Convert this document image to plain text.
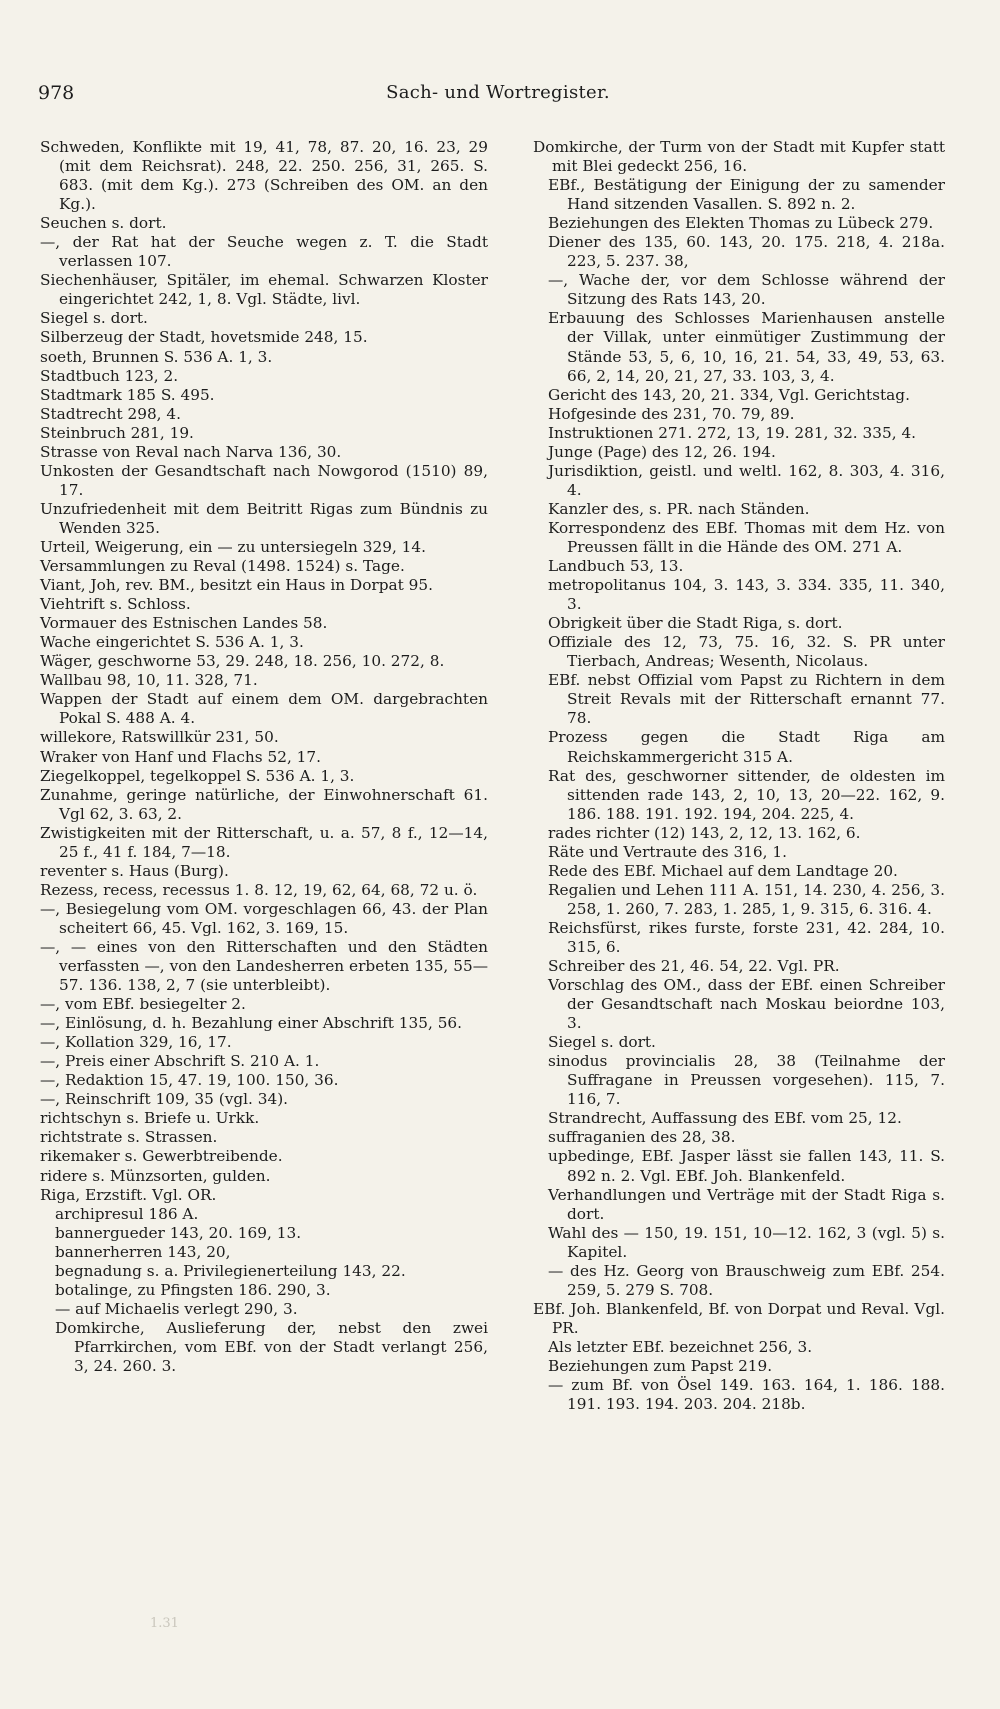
978	Sach- und Wortregister.

Schweden, Konflikte mit 19, 41, 78, 87. 20, 16. 23, 29 (mit dem Reichsrat). 248, 22. 250. 256, 31, 265. S. 683. (mit dem Kg.). 273 (Schreiben des OM. an den Kg.).

Seuchen s. dort.

—, der Rat hat der Seuche wegen z. T. die Stadt verlassen 107.

Siechenhäuser, Spitäler, im ehemal. Schwarzen Kloster eingerichtet 242, 1, 8. Vgl. Städte, livl.

Siegel s. dort.

Silberzeug der Stadt, hovetsmide 248, 15.

soeth, Brunnen S. 536 A. 1, 3.

Stadtbuch 123, 2.

Stadtmark 185 S. 495.

Stadtrecht 298, 4.

Steinbruch 281, 19.

Strasse von Reval nach Narva 136, 30.

Unkosten der Gesandtschaft nach Nowgorod (1510) 89, 17.

Unzufriedenheit mit dem Beitritt Rigas zum Bündnis zu Wenden 325.

Urteil, Weigerung, ein — zu untersiegeln 329, 14.

Versammlungen zu Reval (1498. 1524) s. Tage.

Viant, Joh, rev. BM., besitzt ein Haus in Dorpat 95.

Viehtrift s. Schloss.

Vormauer des Estnischen Landes 58.

Wache eingerichtet S. 536 A. 1, 3.

Wäger, geschworne 53, 29. 248, 18. 256, 10. 272, 8.

Wallbau 98, 10, 11. 328, 71.

Wappen der Stadt auf einem dem OM. dargebrachten Pokal S. 488 A. 4.

willekore, Ratswillkür 231, 50.

Wraker von Hanf und Flachs 52, 17.

Ziegelkoppel, tegelkoppel S. 536 A. 1, 3.

Zunahme, geringe natürliche, der Einwohnerschaft 61. Vgl 62, 3. 63, 2.

Zwistigkeiten mit der Ritterschaft, u. a. 57, 8 f., 12—14, 25 f., 41 f. 184, 7—18.

reventer s. Haus (Burg).

Rezess, recess, recessus 1. 8. 12, 19, 62, 64, 68, 72 u. ö.

—, Besiegelung vom OM. vorgeschlagen 66, 43. der Plan scheitert 66, 45. Vgl. 162, 3. 169, 15.

—, — eines von den Ritterschaften und den Städten verfassten —, von den Landesherren erbeten 135, 55—57. 136. 138, 2, 7 (sie unterbleibt).

—, vom EBf. besiegelter 2.

—, Einlösung, d. h. Bezahlung einer Abschrift 135, 56.

—, Kollation 329, 16, 17.

—, Preis einer Abschrift S. 210 A. 1.

—, Redaktion 15, 47. 19, 100. 150, 36.

—, Reinschrift 109, 35 (vgl. 34).

richtschyn s. Briefe u. Urkk.

richtstrate s. Strassen.

rikemaker s. Gewerbtreibende.

ridere s. Münzsorten, gulden.

Riga, Erzstift. Vgl. OR.

archipresul 186 A.

bannergueder 143, 20. 169, 13.

bannerherren 143, 20,

begnadung s. a. Privilegienerteilung 143, 22.

botalinge, zu Pfingsten 186. 290, 3.

— auf Michaelis verlegt 290, 3.

Domkirche, Auslieferung der, nebst den zwei Pfarrkirchen, vom EBf. von der Stadt verlangt 256, 3, 24. 260. 3.

Domkirche, der Turm von der Stadt mit Kupfer statt mit Blei gedeckt 256, 16.

EBf., Bestätigung der Einigung der zu samender Hand sitzenden Vasallen. S. 892 n. 2.

Beziehungen des Elekten Thomas zu Lübeck 279.

Diener des 135, 60. 143, 20. 175. 218, 4. 218a. 223, 5. 237. 38,

—, Wache der, vor dem Schlosse während der Sitzung des Rats 143, 20.

Erbauung des Schlosses Marienhausen anstelle der Villak, unter einmütiger Zustimmung der Stände 53, 5, 6, 10, 16, 21. 54, 33, 49, 53, 63. 66, 2, 14, 20, 21, 27, 33. 103, 3, 4.

Gericht des 143, 20, 21. 334, Vgl. Gerichtstag.

Hofgesinde des 231, 70. 79, 89.

Instruktionen 271. 272, 13, 19. 281, 32. 335, 4.

Junge (Page) des 12, 26. 194.

Jurisdiktion, geistl. und weltl. 162, 8. 303, 4. 316, 4.

Kanzler des, s. PR. nach Ständen.

Korrespondenz des EBf. Thomas mit dem Hz. von Preussen fällt in die Hände des OM. 271 A.

Landbuch 53, 13.

metropolitanus 104, 3. 143, 3. 334. 335, 11. 340, 3.

Obrigkeit über die Stadt Riga, s. dort.

Offiziale des 12, 73, 75. 16, 32. S. PR unter Tierbach, Andreas; Wesenth, Nicolaus.

EBf. nebst Offizial vom Papst zu Richtern in dem Streit Revals mit der Ritterschaft ernannt 77. 78.

Prozess gegen die Stadt Riga am Reichskammergericht 315 A.

Rat des, geschworner sittender, de oldesten im sittenden rade 143, 2, 10, 13, 20—22. 162, 9. 186. 188. 191. 192. 194, 204. 225, 4.

rades richter (12) 143, 2, 12, 13. 162, 6.

Räte und Vertraute des 316, 1.

Rede des EBf. Michael auf dem Landtage 20.

Regalien und Lehen 111 A. 151, 14. 230, 4. 256, 3. 258, 1. 260, 7. 283, 1. 285, 1, 9. 315, 6. 316. 4.

Reichsfürst, rikes furste, forste 231, 42. 284, 10. 315, 6.

Schreiber des 21, 46. 54, 22. Vgl. PR.

Vorschlag des OM., dass der EBf. einen Schreiber der Gesandtschaft nach Moskau beiordne 103, 3.

Siegel s. dort.

sinodus provincialis 28, 38 (Teilnahme der Suffragane in Preussen vorgesehen). 115, 7. 116, 7.

Strandrecht, Auffassung des EBf. vom 25, 12.

suffraganien des 28, 38.

upbedinge, EBf. Jasper lässt sie fallen 143, 11. S. 892 n. 2. Vgl. EBf. Joh. Blankenfeld.

Verhandlungen und Verträge mit der Stadt Riga s. dort.

Wahl des — 150, 19. 151, 10—12. 162, 3 (vgl. 5) s. Kapitel.

— des Hz. Georg von Brauschweig zum EBf. 254. 259, 5. 279 S. 708.

EBf. Joh. Blankenfeld, Bf. von Dorpat und Reval. Vgl. PR.

Als letzter EBf. bezeichnet 256, 3.

Beziehungen zum Papst 219.

— zum Bf. von Ösel 149. 163. 164, 1. 186. 188. 191. 193. 194. 203. 204. 218b.

1.31
